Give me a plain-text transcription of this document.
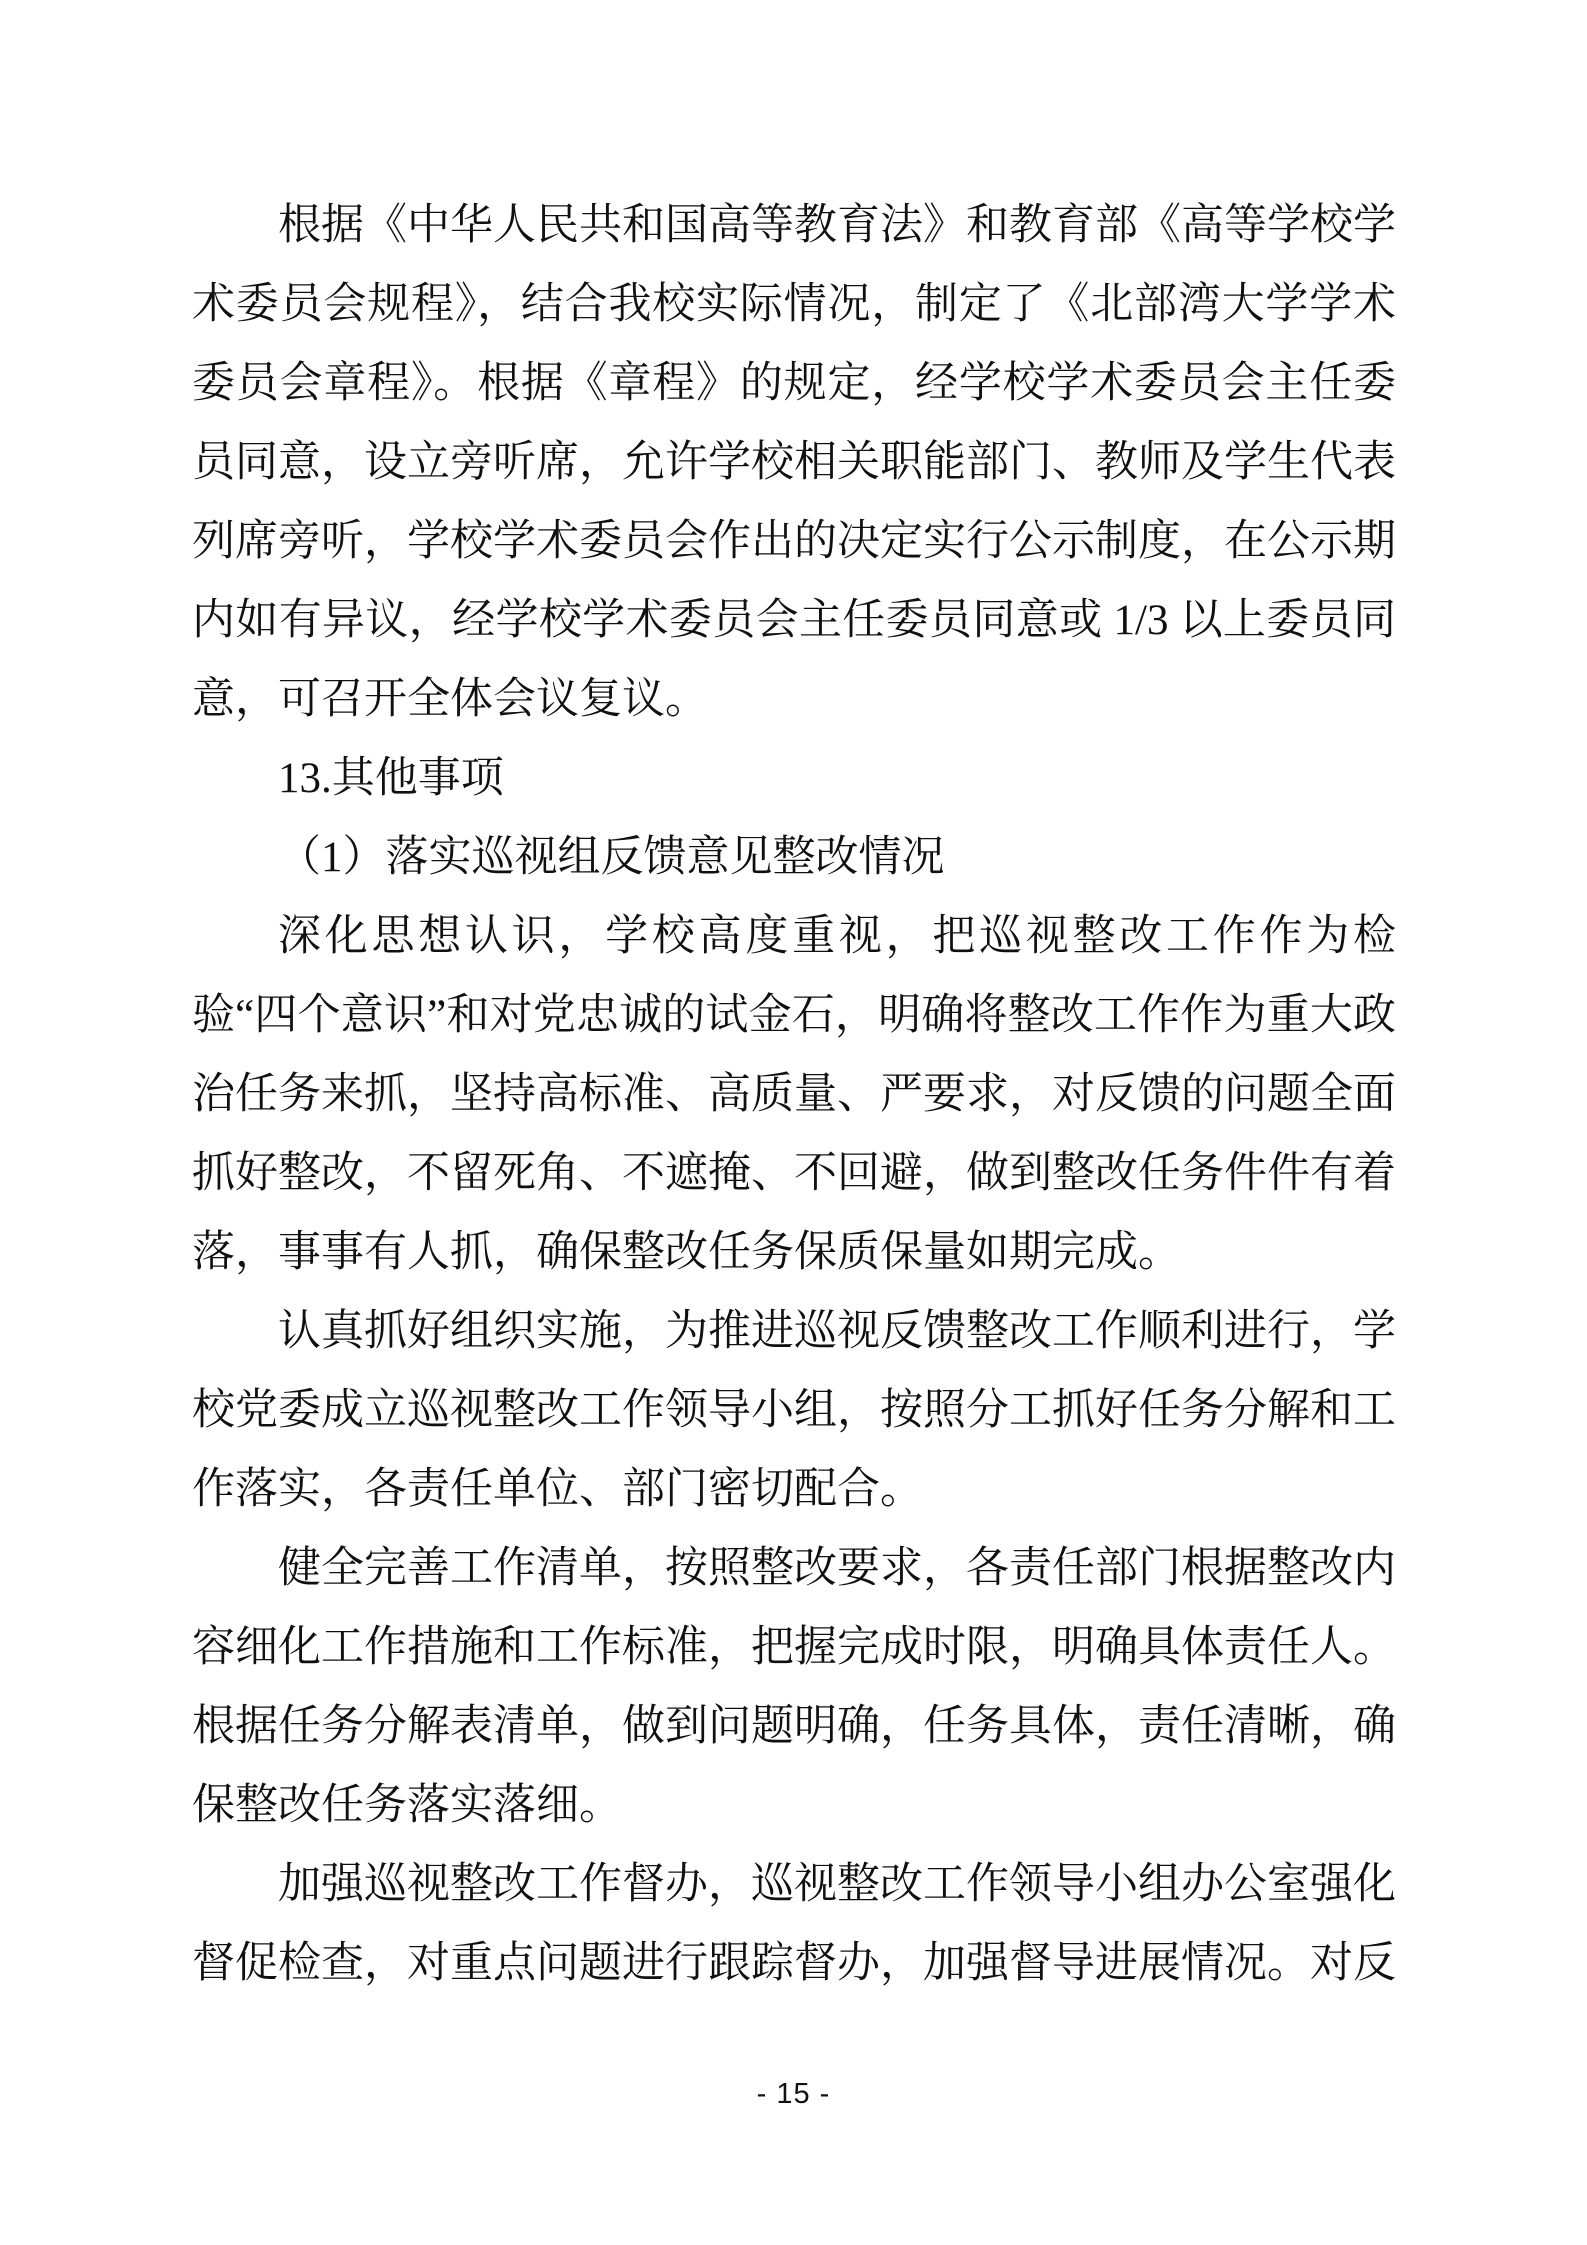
根据《中华人民共和国高等教育法》和教育部《高等学校学术委员会规程》，结合我校实际情况，制定了《北部湾大学学术委员会章程》。根据《章程》的规定，经学校学术委员会主任委员同意，设立旁听席，允许学校相关职能部门、教师及学生代表列席旁听，学校学术委员会作出的决定实行公示制度，在公示期内如有异议，经学校学术委员会主任委员同意或 1/3 以上委员同意，可召开全体会议复议。

13.其他事项

（1）落实巡视组反馈意见整改情况

深化思想认识，学校高度重视，把巡视整改工作作为检验“四个意识”和对党忠诚的试金石，明确将整改工作作为重大政治任务来抓，坚持高标准、高质量、严要求，对反馈的问题全面抓好整改，不留死角、不遮掩、不回避，做到整改任务件件有着落，事事有人抓，确保整改任务保质保量如期完成。

认真抓好组织实施，为推进巡视反馈整改工作顺利进行，学校党委成立巡视整改工作领导小组，按照分工抓好任务分解和工作落实，各责任单位、部门密切配合。

健全完善工作清单，按照整改要求，各责任部门根据整改内容细化工作措施和工作标准，把握完成时限，明确具体责任人。根据任务分解表清单，做到问题明确，任务具体，责任清晰，确保整改任务落实落细。

加强巡视整改工作督办，巡视整改工作领导小组办公室强化督促检查，对重点问题进行跟踪督办，加强督导进展情况。对反

- 15 -
